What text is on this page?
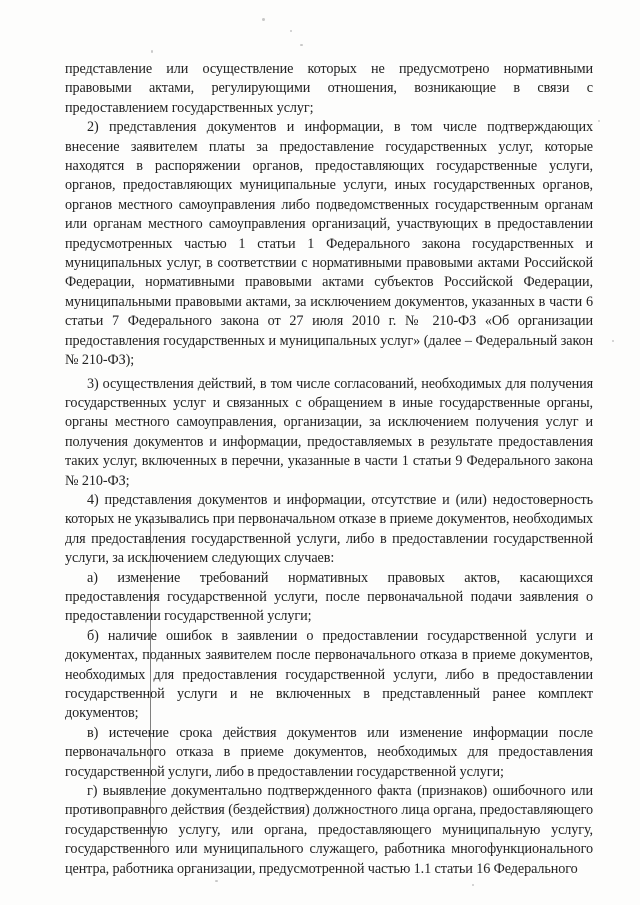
представление или осуществление которых не предусмотрено нормативными правовыми актами, регулирующими отношения, возникающие в связи с предоставлением государственных услуг;

2) представления документов и информации, в том числе подтверждающих внесение заявителем платы за предоставление государственных услуг, которые находятся в распоряжении органов, предоставляющих государственные услуги, органов, предоставляющих муниципальные услуги, иных государственных органов, органов местного самоуправления либо подведомственных государственным органам или органам местного самоуправления организаций, участвующих в предоставлении предусмотренных частью 1 статьи 1 Федерального закона государственных и муниципальных услуг, в соответствии с нормативными правовыми актами Российской Федерации, нормативными правовыми актами субъектов Российской Федерации, муниципальными правовыми актами, за исключением документов, указанных в части 6 статьи 7 Федерального закона от 27 июля 2010 г. № 210-ФЗ «Об организации предоставления государственных и муниципальных услуг» (далее – Федеральный закон № 210-ФЗ);

3) осуществления действий, в том числе согласований, необходимых для получения государственных услуг и связанных с обращением в иные государственные органы, органы местного самоуправления, организации, за исключением получения услуг и получения документов и информации, предоставляемых в результате предоставления таких услуг, включенных в перечни, указанные в части 1 статьи 9 Федерального закона № 210-ФЗ;

4) представления документов и информации, отсутствие и (или) недостоверность которых не указывались при первоначальном отказе в приеме документов, необходимых для предоставления государственной услуги, либо в предоставлении государственной услуги, за исключением следующих случаев:

а) изменение требований нормативных правовых актов, касающихся предоставления государственной услуги, после первоначальной подачи заявления о предоставлении государственной услуги;

б) наличие ошибок в заявлении о предоставлении государственной услуги и документах, поданных заявителем после первоначального отказа в приеме документов, необходимых для предоставления государственной услуги, либо в предоставлении государственной услуги и не включенных в представленный ранее комплект документов;

в) истечение срока действия документов или изменение информации после первоначального отказа в приеме документов, необходимых для предоставления государственной услуги, либо в предоставлении государственной услуги;

г) выявление документально подтвержденного факта (признаков) ошибочного или противоправного действия (бездействия) должностного лица органа, предоставляющего государственную услугу, или органа, предоставляющего муниципальную услугу, государственного или муниципального служащего, работника многофункционального центра, работника организации, предусмотренной частью 1.1 статьи 16 Федерального
